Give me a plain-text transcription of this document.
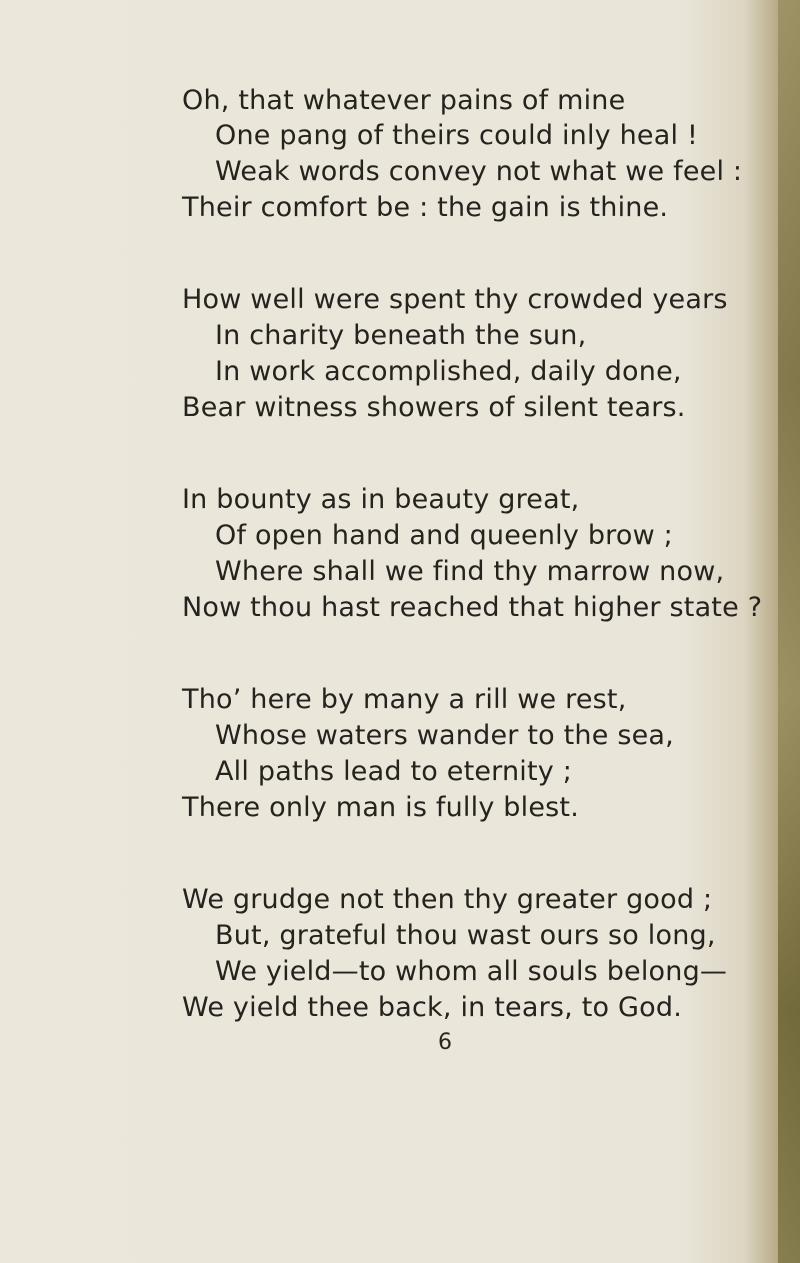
Oh, that whatever pains of mine

One pang of theirs could inly heal !

Weak words convey not what we feel :

Their comfort be : the gain is thine.

How well were spent thy crowded years

In charity beneath the sun,

In work accomplished, daily done,

Bear witness showers of silent tears.

In bounty as in beauty great,

Of open hand and queenly brow ;

Where shall we find thy marrow now,

Now thou hast reached that higher state ?

Tho’ here by many a rill we rest,

Whose waters wander to the sea,

All paths lead to eternity ;

There only man is fully blest.

We grudge not then thy greater good ;

But, grateful thou wast ours so long,

We yield—to whom all souls belong—

We yield thee back, in tears, to God.

6
